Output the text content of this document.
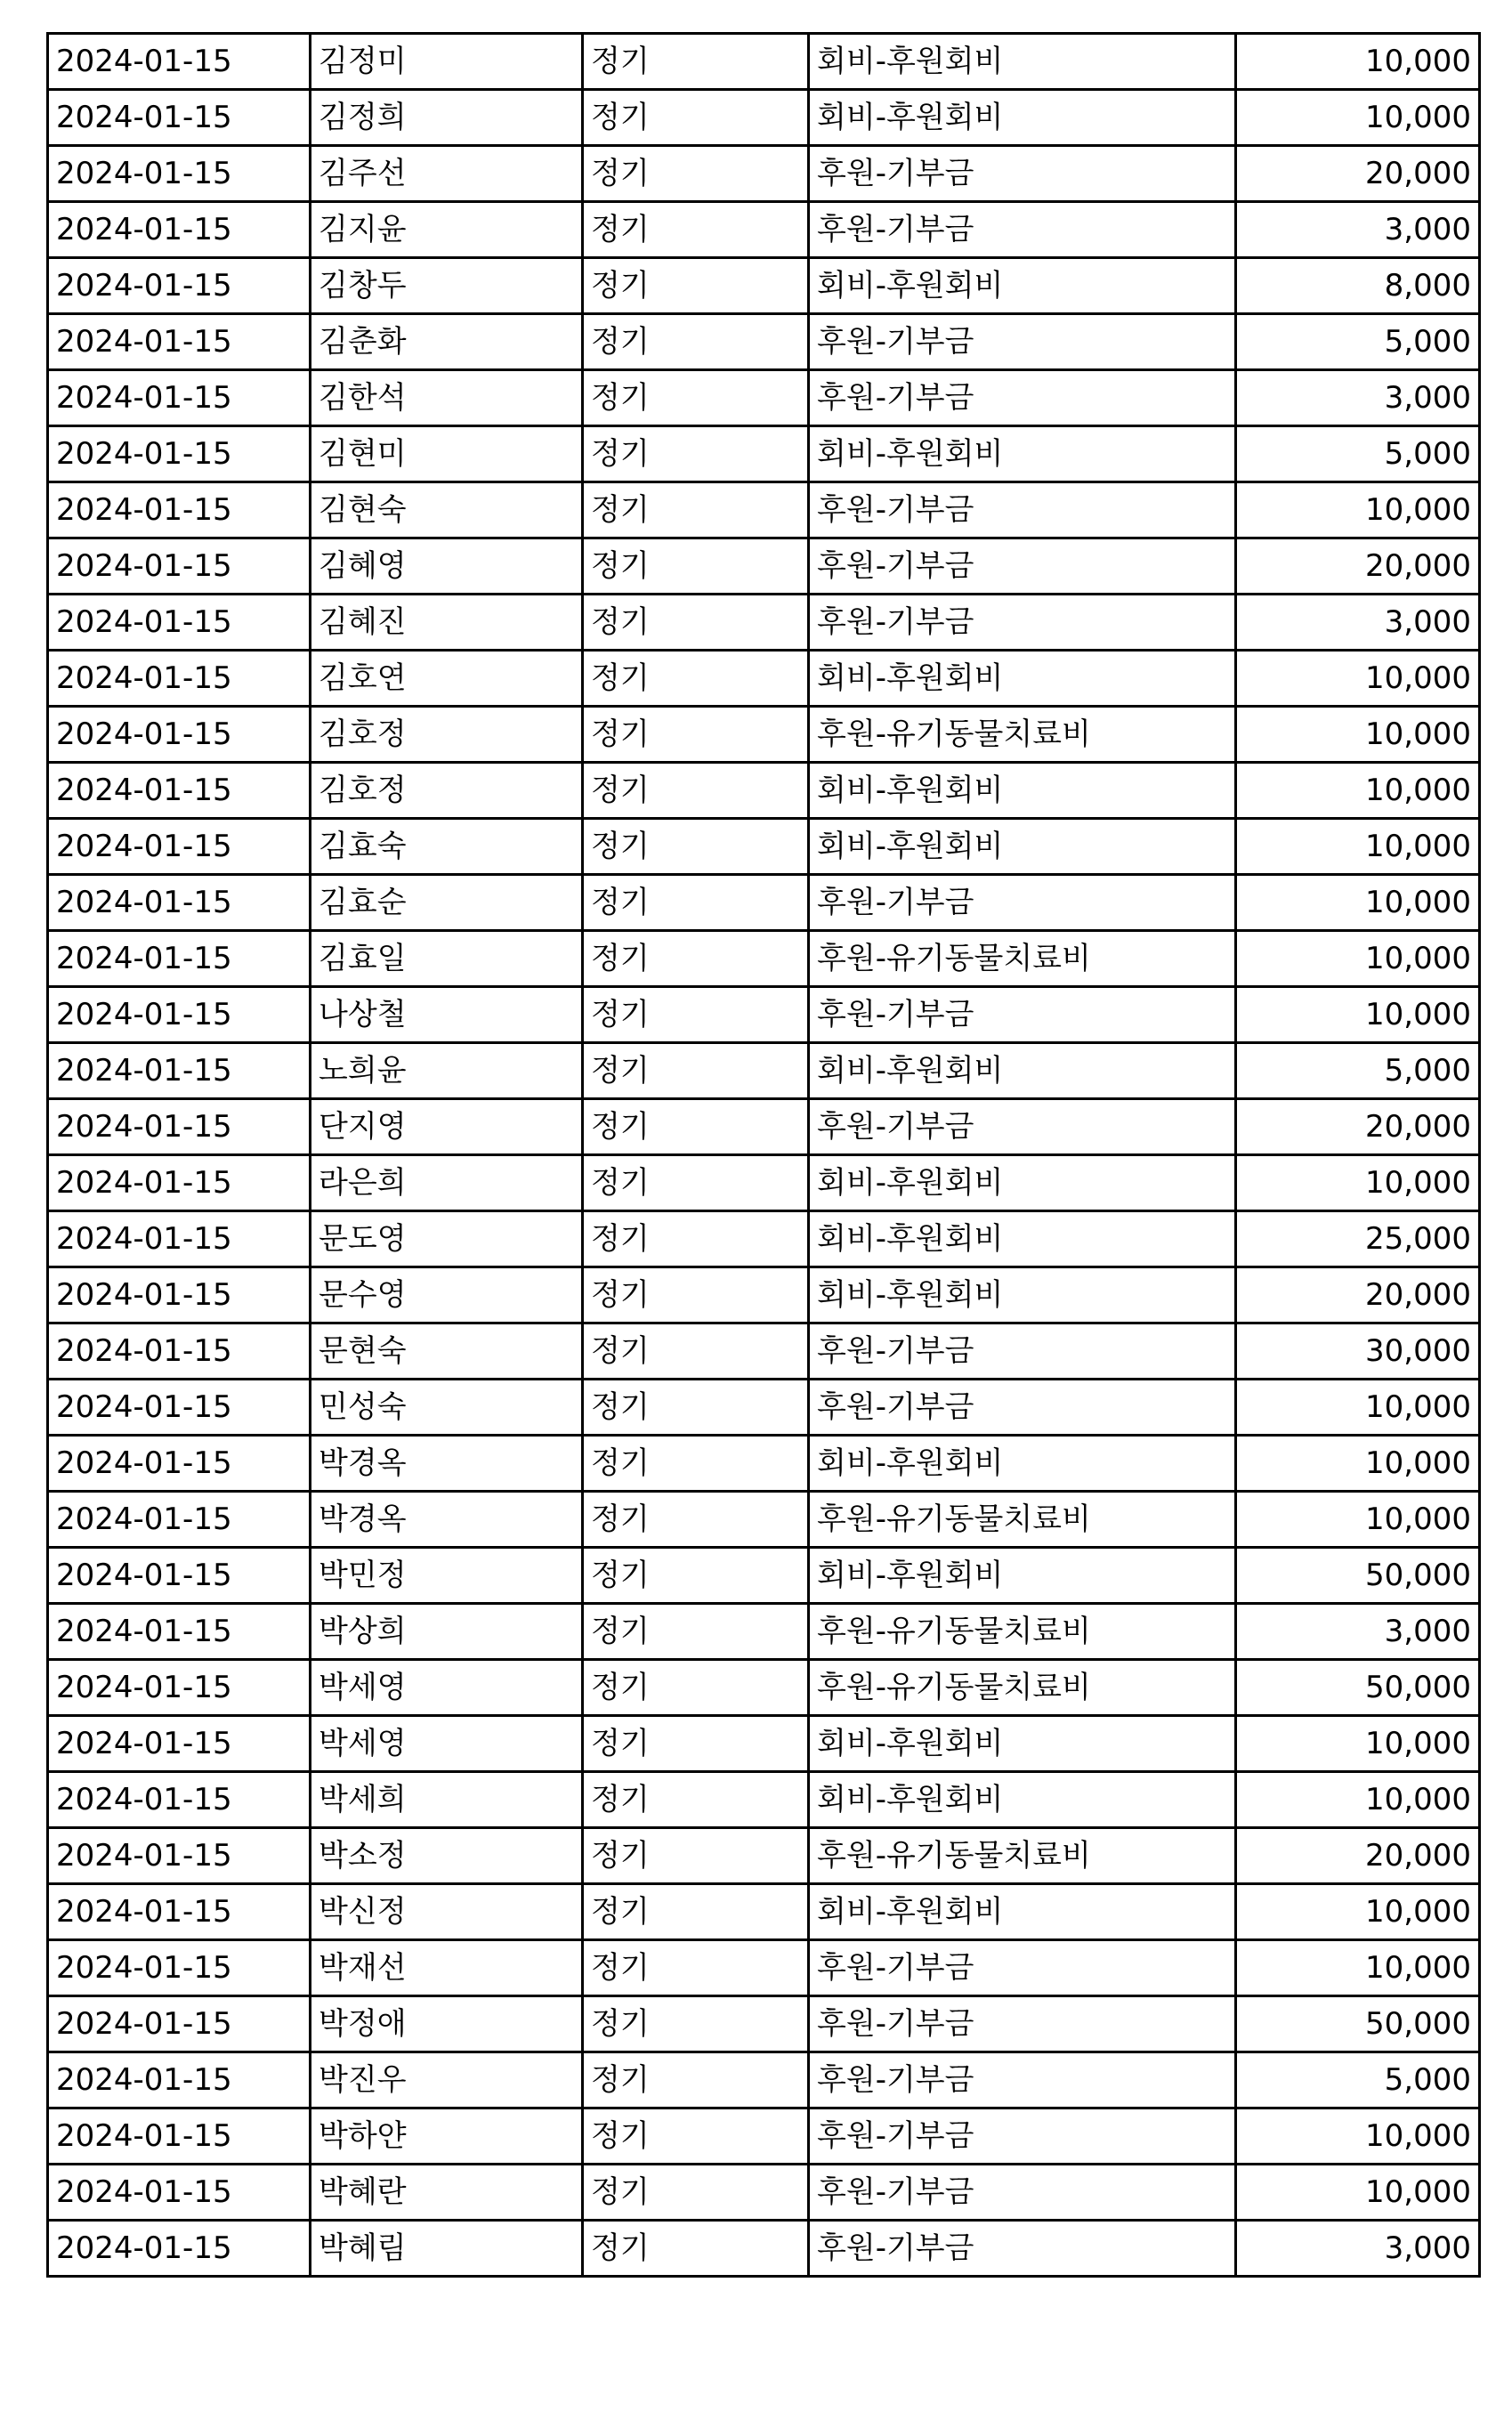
2024-01-15	김정미	정기	회비-후원회비	10,000
2024-01-15	김정희	정기	회비-후원회비	10,000
2024-01-15	김주선	정기	후원-기부금	20,000
2024-01-15	김지윤	정기	후원-기부금	3,000
2024-01-15	김창두	정기	회비-후원회비	8,000
2024-01-15	김춘화	정기	후원-기부금	5,000
2024-01-15	김한석	정기	후원-기부금	3,000
2024-01-15	김현미	정기	회비-후원회비	5,000
2024-01-15	김현숙	정기	후원-기부금	10,000
2024-01-15	김혜영	정기	후원-기부금	20,000
2024-01-15	김혜진	정기	후원-기부금	3,000
2024-01-15	김호연	정기	회비-후원회비	10,000
2024-01-15	김호정	정기	후원-유기동물치료비	10,000
2024-01-15	김호정	정기	회비-후원회비	10,000
2024-01-15	김효숙	정기	회비-후원회비	10,000
2024-01-15	김효순	정기	후원-기부금	10,000
2024-01-15	김효일	정기	후원-유기동물치료비	10,000
2024-01-15	나상철	정기	후원-기부금	10,000
2024-01-15	노희윤	정기	회비-후원회비	5,000
2024-01-15	단지영	정기	후원-기부금	20,000
2024-01-15	라은희	정기	회비-후원회비	10,000
2024-01-15	문도영	정기	회비-후원회비	25,000
2024-01-15	문수영	정기	회비-후원회비	20,000
2024-01-15	문현숙	정기	후원-기부금	30,000
2024-01-15	민성숙	정기	후원-기부금	10,000
2024-01-15	박경옥	정기	회비-후원회비	10,000
2024-01-15	박경옥	정기	후원-유기동물치료비	10,000
2024-01-15	박민정	정기	회비-후원회비	50,000
2024-01-15	박상희	정기	후원-유기동물치료비	3,000
2024-01-15	박세영	정기	후원-유기동물치료비	50,000
2024-01-15	박세영	정기	회비-후원회비	10,000
2024-01-15	박세희	정기	회비-후원회비	10,000
2024-01-15	박소정	정기	후원-유기동물치료비	20,000
2024-01-15	박신정	정기	회비-후원회비	10,000
2024-01-15	박재선	정기	후원-기부금	10,000
2024-01-15	박정애	정기	후원-기부금	50,000
2024-01-15	박진우	정기	후원-기부금	5,000
2024-01-15	박하얀	정기	후원-기부금	10,000
2024-01-15	박혜란	정기	후원-기부금	10,000
2024-01-15	박혜림	정기	후원-기부금	3,000
